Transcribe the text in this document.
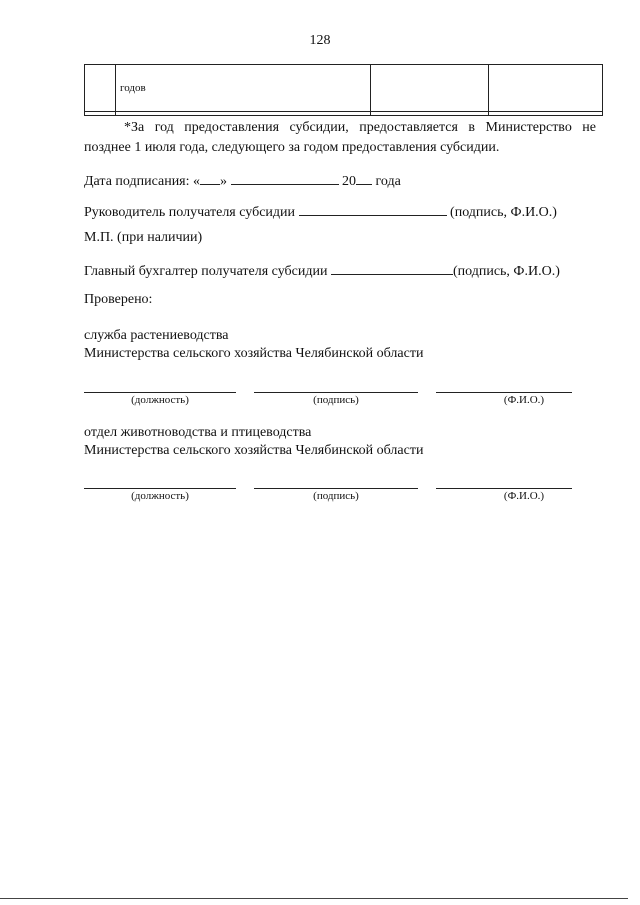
128
	годов		

*За год предоставления субсидии, предоставляется в Министерство не позднее 1 июля года, следующего за годом предоставления субсидии.
Дата подписания: « »	20 года
Руководитель получателя субсидии	(подпись, Ф.И.О.)
М.П. (при наличии)
Главный бухгалтер получателя субсидии	(подпись, Ф.И.О.)
Проверено:
служба растениеводства
Министерства сельского хозяйства Челябинской области
(должность)	(подпись)	(Ф.И.О.)
отдел животноводства и птицеводства
Министерства сельского хозяйства Челябинской области
(должность)	(подпись)	(Ф.И.О.)
